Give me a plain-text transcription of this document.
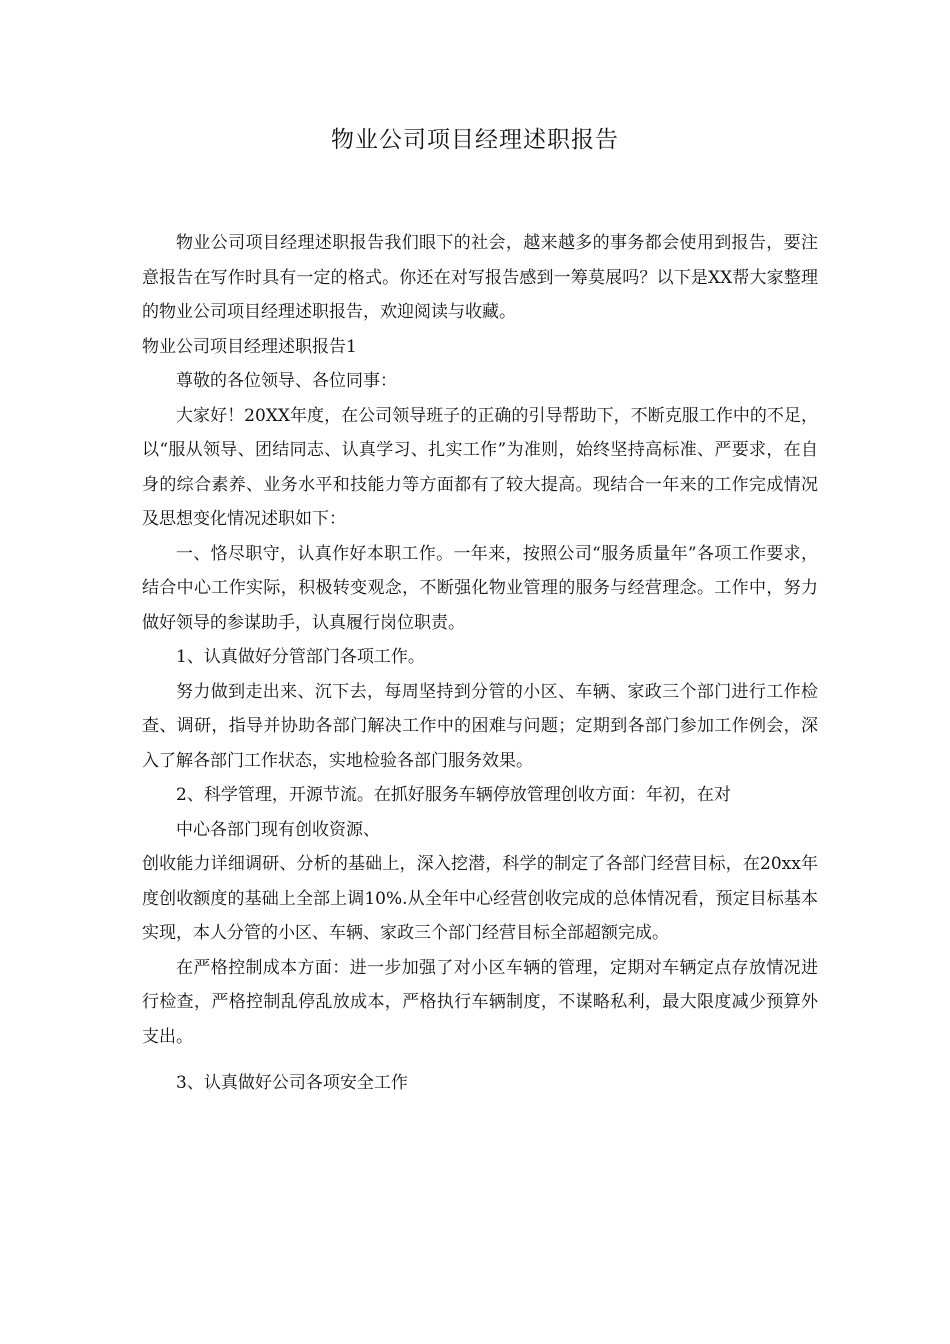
物业公司项目经理述职报告

物业公司项目经理述职报告我们眼下的社会，越来越多的事务都会使用到报告，要注意报告在写作时具有一定的格式。你还在对写报告感到一筹莫展吗？以下是XX帮大家整理的物业公司项目经理述职报告，欢迎阅读与收藏。

物业公司项目经理述职报告1

尊敬的各位领导、各位同事：

大家好！20XX年度，在公司领导班子的正确的引导帮助下，不断克服工作中的不足，以“服从领导、团结同志、认真学习、扎实工作”为准则，始终坚持高标准、严要求，在自身的综合素养、业务水平和技能力等方面都有了较大提高。现结合一年来的工作完成情况及思想变化情况述职如下：

一、恪尽职守，认真作好本职工作。一年来，按照公司“服务质量年”各项工作要求，结合中心工作实际，积极转变观念，不断强化物业管理的服务与经营理念。工作中，努力做好领导的参谋助手，认真履行岗位职责。

1、认真做好分管部门各项工作。

努力做到走出来、沉下去，每周坚持到分管的小区、车辆、家政三个部门进行工作检查、调研，指导并协助各部门解决工作中的困难与问题；定期到各部门参加工作例会，深入了解各部门工作状态，实地检验各部门服务效果。

2、科学管理，开源节流。在抓好服务车辆停放管理创收方面：年初，在对

中心各部门现有创收资源、

创收能力详细调研、分析的基础上，深入挖潜，科学的制定了各部门经营目标，在20xx年度创收额度的基础上全部上调10%.从全年中心经营创收完成的总体情况看，预定目标基本实现，本人分管的小区、车辆、家政三个部门经营目标全部超额完成。

在严格控制成本方面：进一步加强了对小区车辆的管理，定期对车辆定点存放情况进行检查，严格控制乱停乱放成本，严格执行车辆制度，不谋略私利，最大限度减少预算外支出。

3、认真做好公司各项安全工作
